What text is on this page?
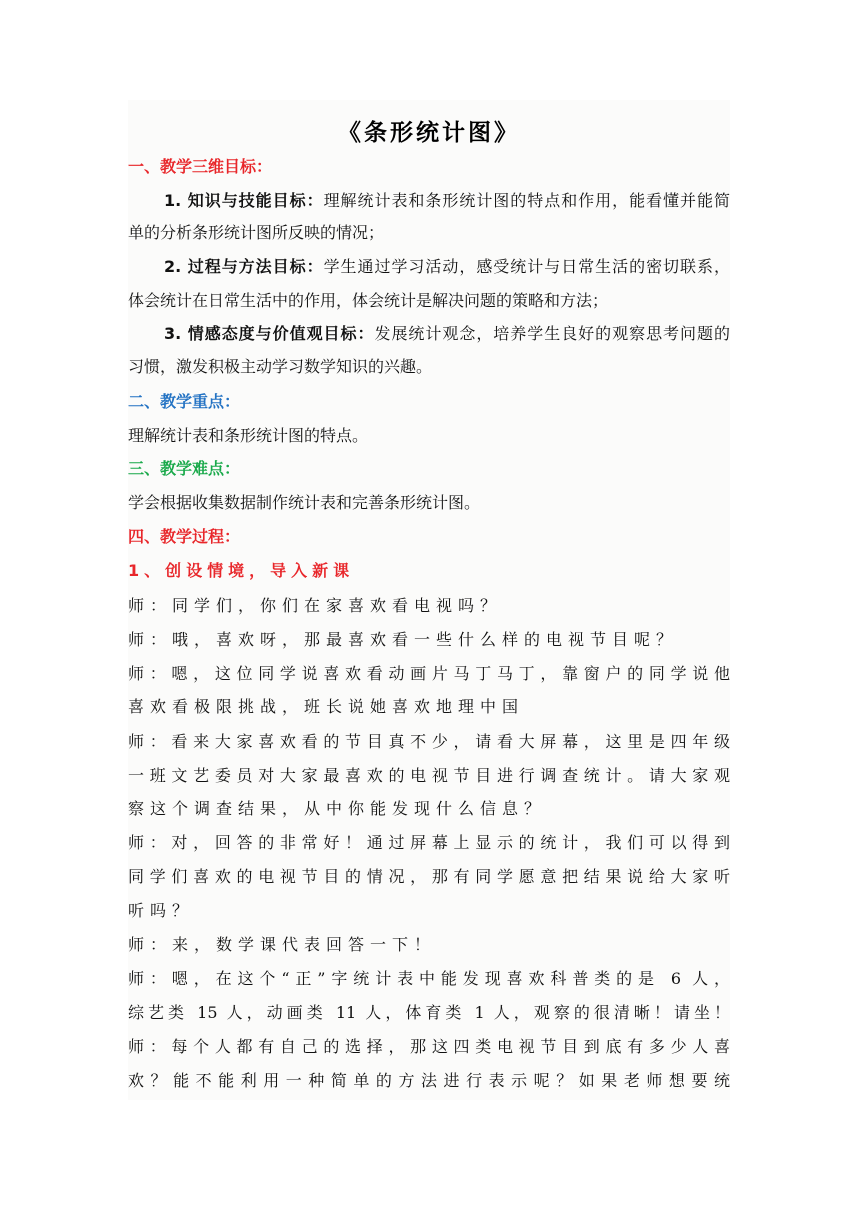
《条形统计图》
一、教学三维目标：
1. 知识与技能目标：理解统计表和条形统计图的特点和作用，能看懂并能简
单的分析条形统计图所反映的情况；
2. 过程与方法目标：学生通过学习活动，感受统计与日常生活的密切联系，
体会统计在日常生活中的作用，体会统计是解决问题的策略和方法；
3. 情感态度与价值观目标：发展统计观念，培养学生良好的观察思考问题的
习惯，激发积极主动学习数学知识的兴趣。
二、教学重点：
理解统计表和条形统计图的特点。
三、教学难点：
学会根据收集数据制作统计表和完善条形统计图。
四、教学过程：
1、创设情境，导入新课
师：同学们，你们在家喜欢看电视吗？
师：哦，喜欢呀，那最喜欢看一些什么样的电视节目呢？
师：嗯，这位同学说喜欢看动画片马丁马丁，靠窗户的同学说他
喜欢看极限挑战，班长说她喜欢地理中国
师：看来大家喜欢看的节目真不少，请看大屏幕，这里是四年级
一班文艺委员对大家最喜欢的电视节目进行调查统计。请大家观
察这个调查结果，从中你能发现什么信息？
师：对，回答的非常好！通过屏幕上显示的统计，我们可以得到
同学们喜欢的电视节目的情况，那有同学愿意把结果说给大家听
听吗？
师：来，数学课代表回答一下！
师：嗯，在这个“正”字统计表中能发现喜欢科普类的是 6 人，
综艺类 15 人，动画类 11 人，体育类 1 人，观察的很清晰！请坐！
师：每个人都有自己的选择，那这四类电视节目到底有多少人喜
欢？能不能利用一种简单的方法进行表示呢？如果老师想要统
